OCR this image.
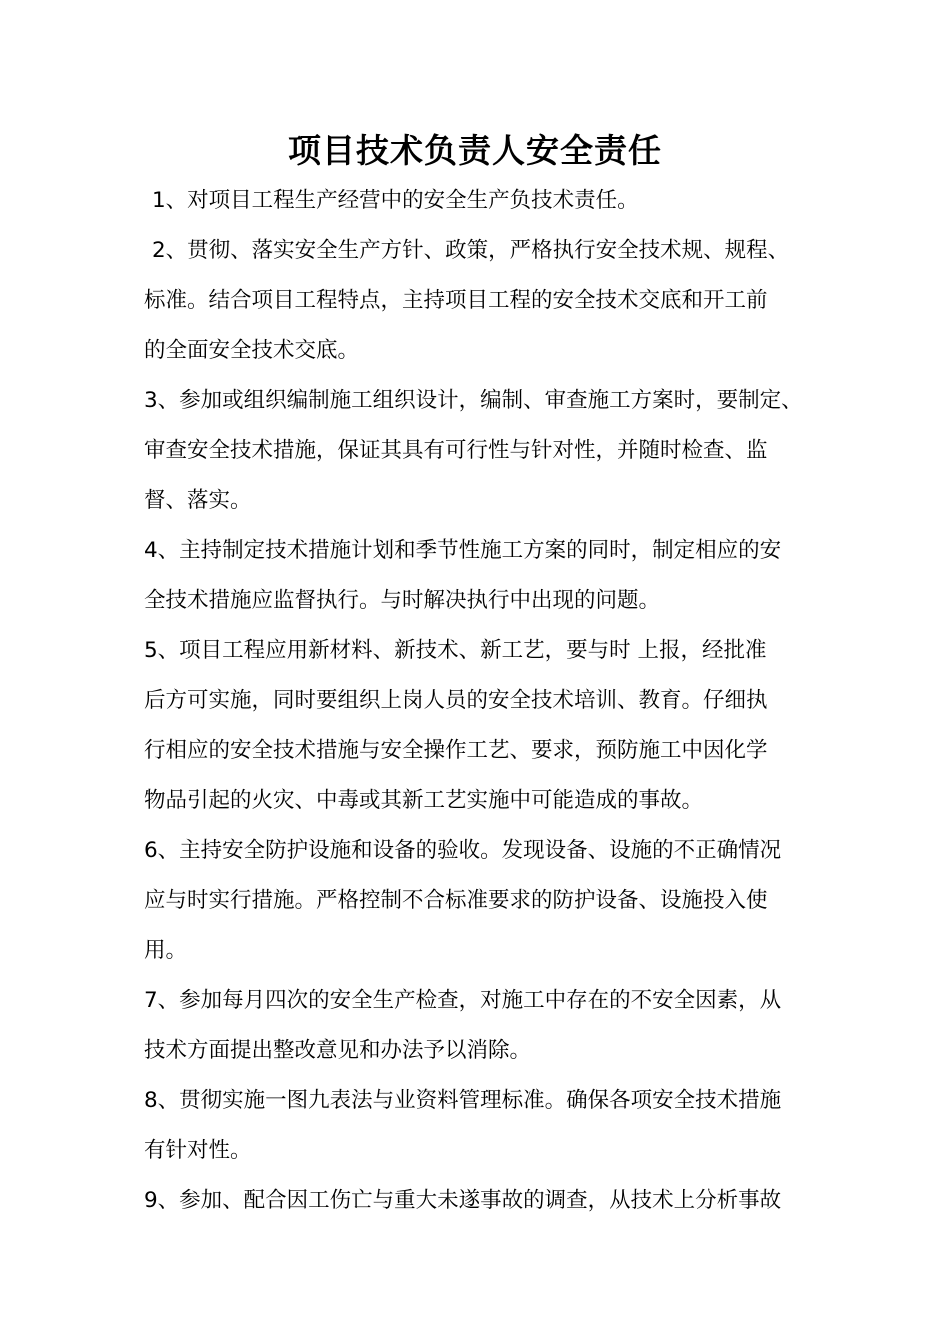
项目技术负责人安全责任
1、对项目工程生产经营中的安全生产负技术责任。
2、贯彻、落实安全生产方针、政策，严格执行安全技术规、规程、
标准。结合项目工程特点，主持项目工程的安全技术交底和开工前
的全面安全技术交底。
3、参加或组织编制施工组织设计，编制、审查施工方案时，要制定、
审查安全技术措施，保证其具有可行性与针对性，并随时检查、监
督、落实。
4、主持制定技术措施计划和季节性施工方案的同时，制定相应的安
全技术措施应监督执行。与时解决执行中出现的问题。
5、项目工程应用新材料、新技术、新工艺，要与时 上报，经批准
后方可实施，同时要组织上岗人员的安全技术培训、教育。仔细执
行相应的安全技术措施与安全操作工艺、要求，预防施工中因化学
物品引起的火灾、中毒或其新工艺实施中可能造成的事故。
6、主持安全防护设施和设备的验收。发现设备、设施的不正确情况
应与时实行措施。严格控制不合标准要求的防护设备、设施投入使
用。
7、参加每月四次的安全生产检查，对施工中存在的不安全因素，从
技术方面提出整改意见和办法予以消除。
8、贯彻实施一图九表法与业资料管理标准。确保各项安全技术措施
有针对性。
9、参加、配合因工伤亡与重大未遂事故的调查，从技术上分析事故
